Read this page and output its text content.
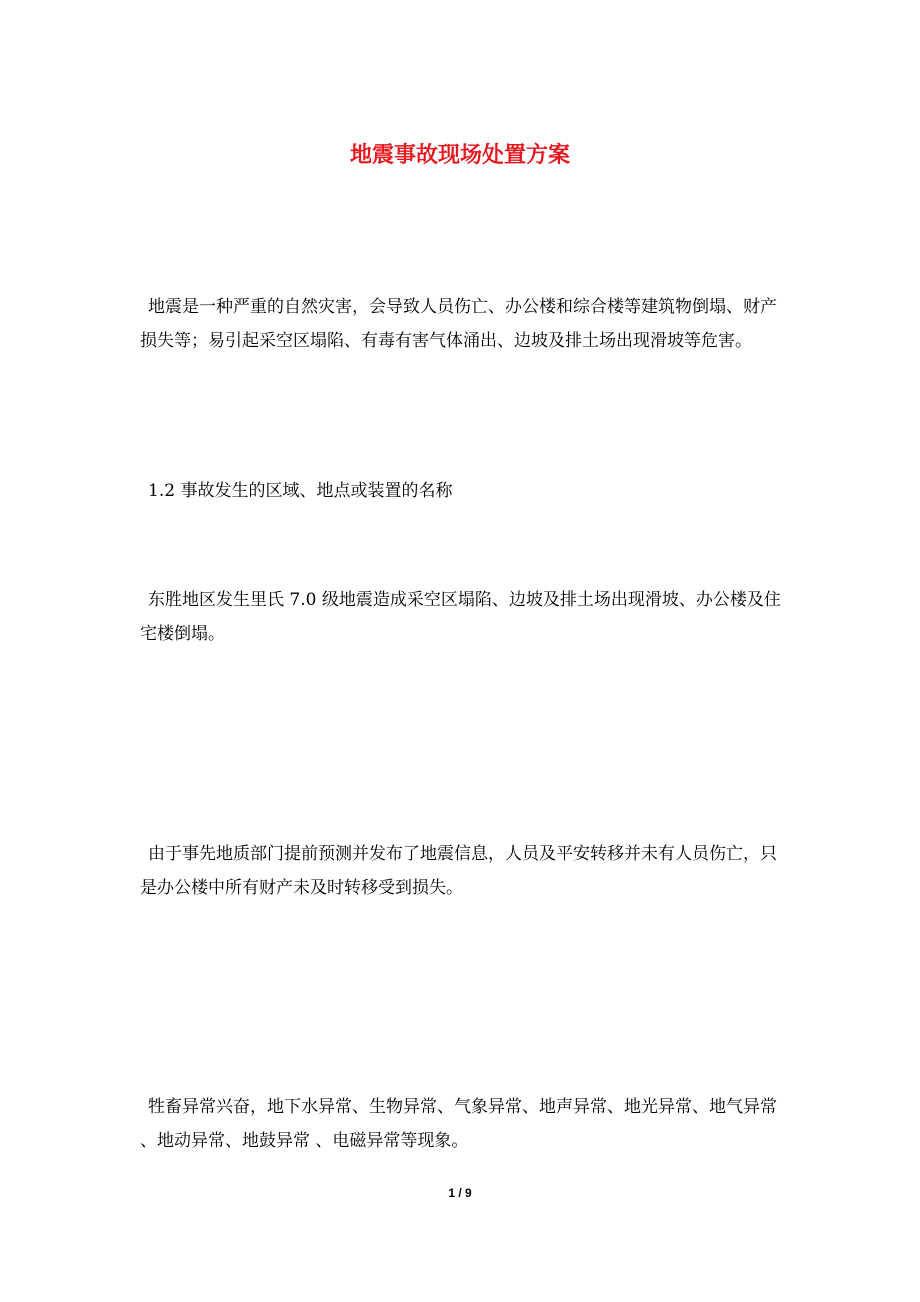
地震事故现场处置方案

地震是一种严重的自然灾害，会导致人员伤亡、办公楼和综合楼等建筑物倒塌、财产损失等；易引起采空区塌陷、有毒有害气体涌出、边坡及排土场出现滑坡等危害。

1.2 事故发生的区域、地点或装置的名称

东胜地区发生里氏 7.0 级地震造成采空区塌陷、边坡及排土场出现滑坡、办公楼及住宅楼倒塌。

由于事先地质部门提前预测并发布了地震信息，人员及平安转移并未有人员伤亡，只是办公楼中所有财产未及时转移受到损失。

牲畜异常兴奋，地下水异常、生物异常、气象异常、地声异常、地光异常、地气异常 、地动异常、地鼓异常 、电磁异常等现象。

1 / 9
